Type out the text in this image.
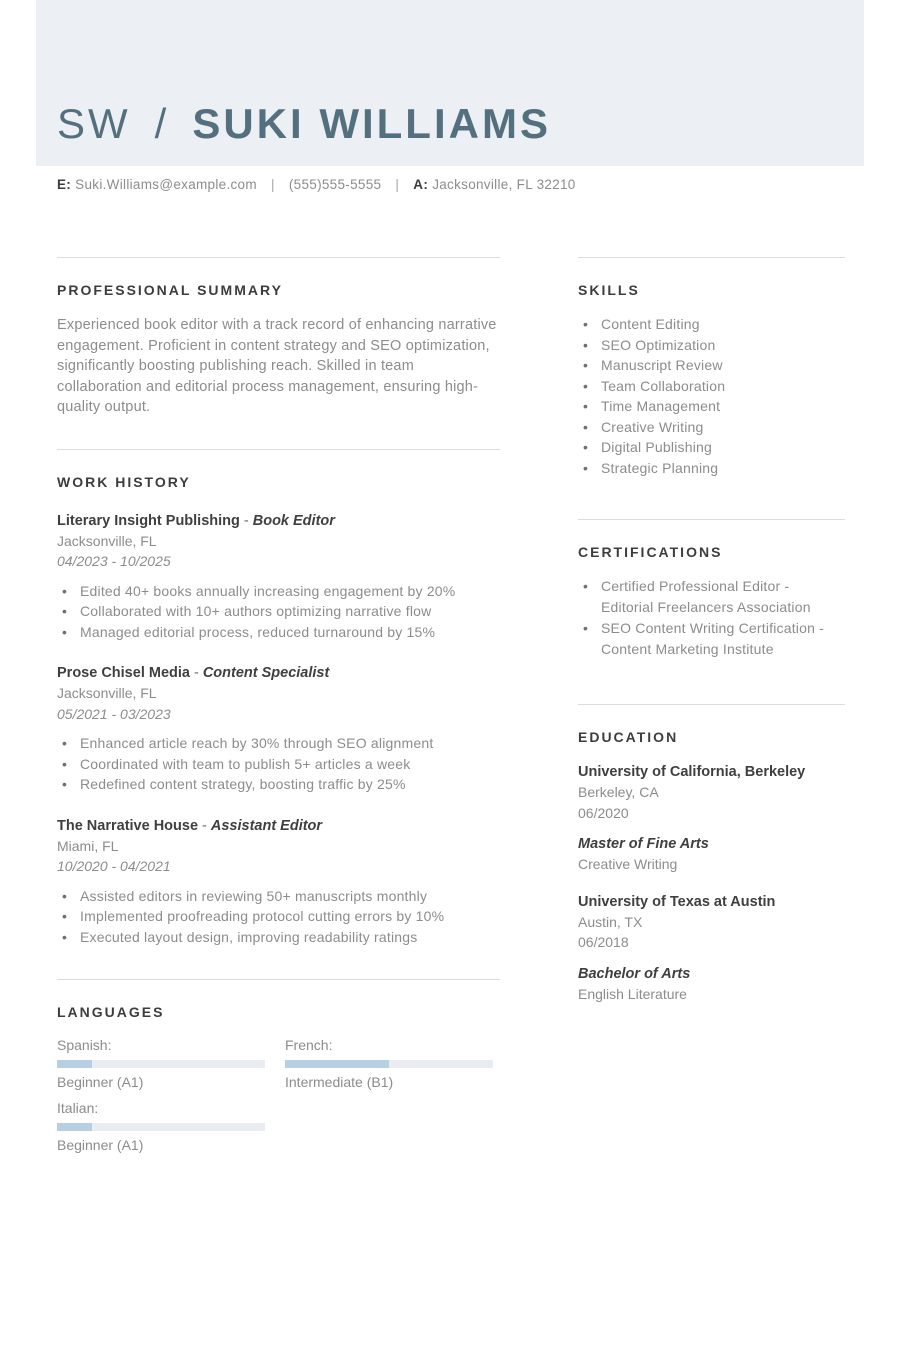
SW / SUKI WILLIAMS
E: Suki.Williams@example.com | (555)555-5555 | A: Jacksonville, FL 32210
PROFESSIONAL SUMMARY

Experienced book editor with a track record of enhancing narrative engagement. Proficient in content strategy and SEO optimization, significantly boosting publishing reach. Skilled in team collaboration and editorial process management, ensuring high-quality output.

WORK HISTORY
Literary Insight Publishing - Book Editor
Jacksonville, FL
04/2023 - 10/2025
• Edited 40+ books annually increasing engagement by 20%
• Collaborated with 10+ authors optimizing narrative flow
• Managed editorial process, reduced turnaround by 15%
Prose Chisel Media - Content Specialist
Jacksonville, FL
05/2021 - 03/2023
• Enhanced article reach by 30% through SEO alignment
• Coordinated with team to publish 5+ articles a week
• Redefined content strategy, boosting traffic by 25%
The Narrative House - Assistant Editor
Miami, FL
10/2020 - 04/2021
• Assisted editors in reviewing 50+ manuscripts monthly
• Implemented proofreading protocol cutting errors by 10%
• Executed layout design, improving readability ratings
LANGUAGES
Spanish:
Beginner (A1)
French:
Intermediate (B1)
Italian:
Beginner (A1)
SKILLS
• Content Editing
• SEO Optimization
• Manuscript Review
• Team Collaboration
• Time Management
• Creative Writing
• Digital Publishing
• Strategic Planning
CERTIFICATIONS
• Certified Professional Editor - Editorial Freelancers Association
• SEO Content Writing Certification - Content Marketing Institute
EDUCATION
University of California, Berkeley
Berkeley, CA
06/2020
Master of Fine Arts
Creative Writing
University of Texas at Austin
Austin, TX
06/2018
Bachelor of Arts
English Literature
